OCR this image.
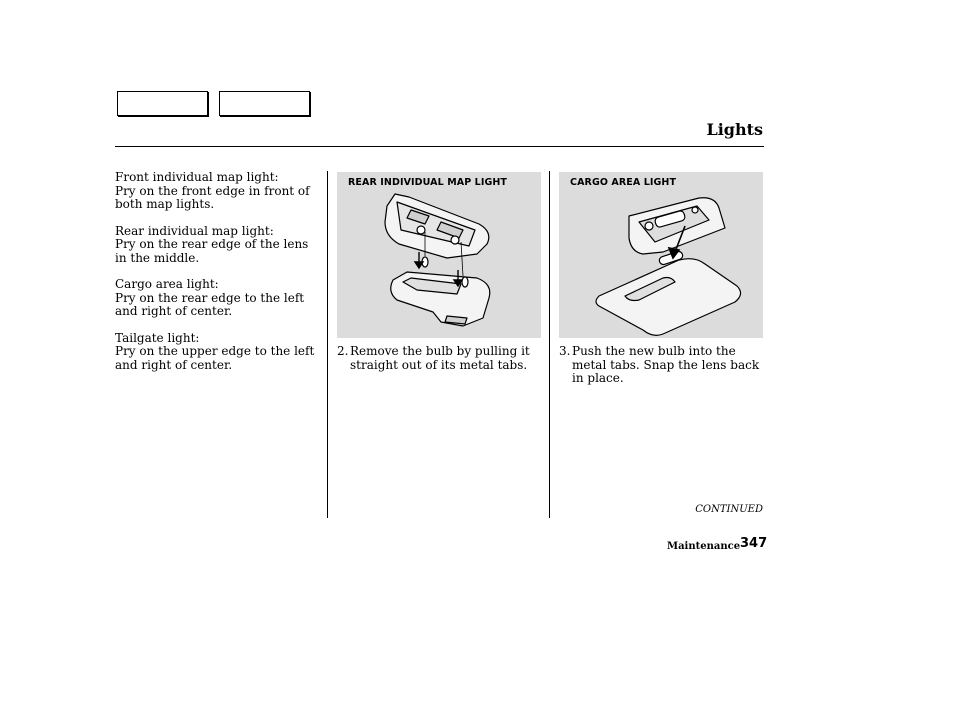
Lights

Front individual map light:
Pry on the front edge in front of both map lights.

Rear individual map light:
Pry on the rear edge of the lens in the middle.

Cargo area light:
Pry on the rear edge to the left and right of center.

Tailgate light:
Pry on the upper edge to the left and right of center.

REAR INDIVIDUAL MAP LIGHT	CARGO AREA LIGHT
2. Remove the bulb by pulling it straight out of its metal tabs.
3. Push the new bulb into the metal tabs. Snap the lens back in place.
CONTINUED
Maintenance 347
